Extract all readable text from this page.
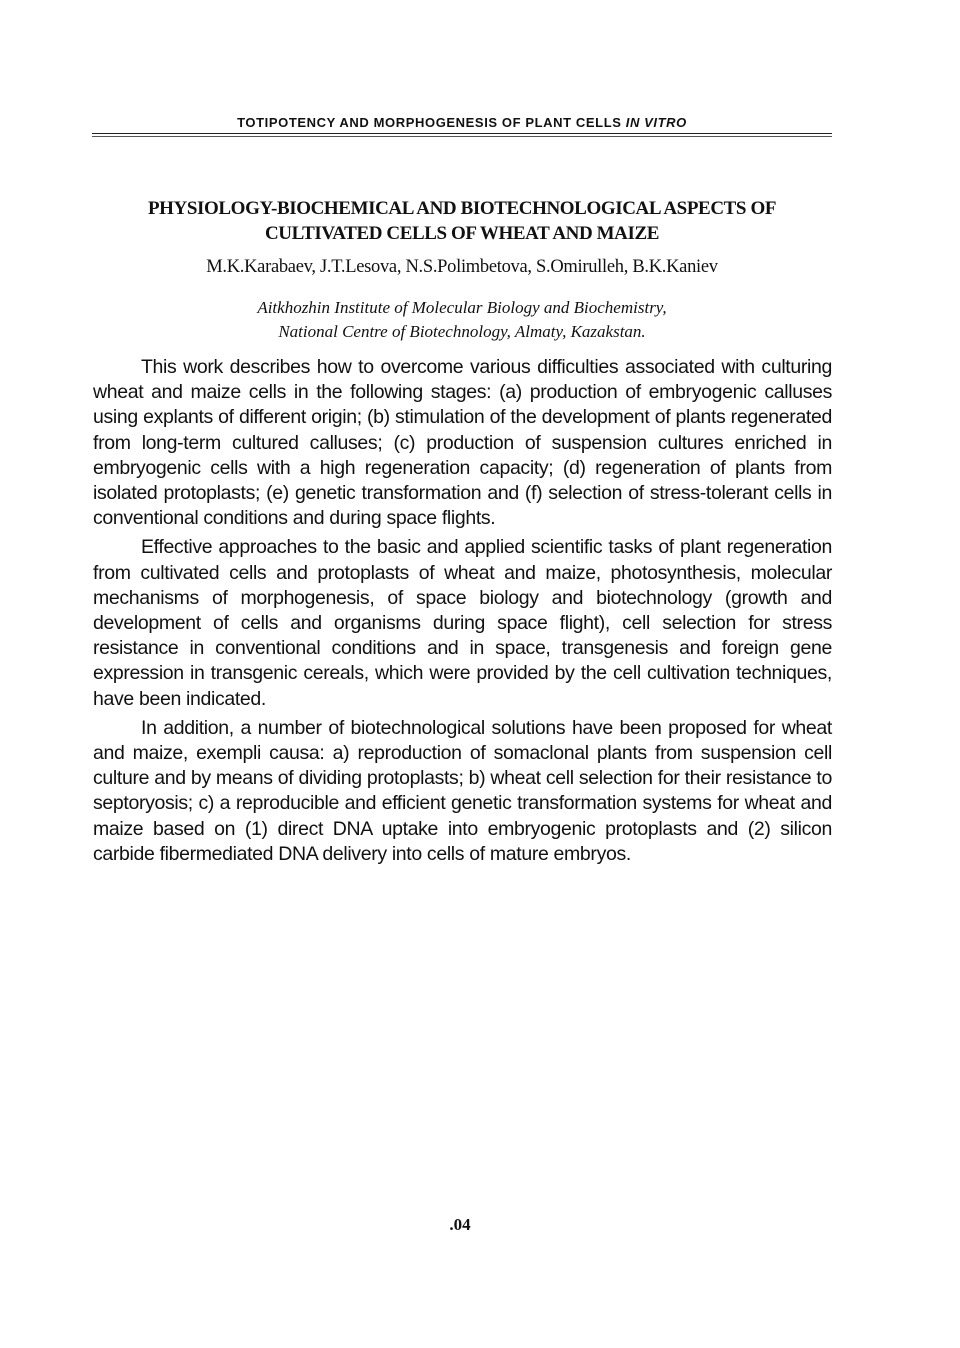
TOTIPOTENCY AND MORPHOGENESIS OF PLANT CELLS IN VITRO
PHYSIOLOGY-BIOCHEMICAL AND BIOTECHNOLOGICAL ASPECTS OF
CULTIVATED CELLS OF WHEAT AND MAIZE
M.K.Karabaev, J.T.Lesova, N.S.Polimbetova, S.Omirulleh, B.K.Kaniev
Aitkhozhin Institute of Molecular Biology and Biochemistry,
National Centre of Biotechnology, Almaty, Kazakstan.

This work describes how to overcome various difficulties associated with culturing wheat and maize cells in the following stages: (a) production of embryogenic calluses using explants of different origin; (b) stimulation of the development of plants regenerated from long-term cultured calluses; (c) production of suspension cultures enriched in embryogenic cells with a high regeneration capacity; (d) regeneration of plants from isolated protoplasts; (e) genetic transformation and (f) selection of stress-tolerant cells in conventional conditions and during space flights.

Effective approaches to the basic and applied scientific tasks of plant regeneration from cultivated cells and protoplasts of wheat and maize, photosynthesis, molecular mechanisms of morphogenesis, of space biology and biotechnology (growth and development of cells and organisms during space flight), cell selection for stress resistance in conventional conditions and in space, transgenesis and foreign gene expression in transgenic cereals, which were provided by the cell cultivation techniques, have been indicated.

In addition, a number of biotechnological solutions have been proposed for wheat and maize, exempli causa: a) reproduction of somaclonal plants from suspension cell culture and by means of dividing protoplasts; b) wheat cell selection for their resistance to septoryosis; c) a reproducible and efficient genetic transformation systems for wheat and maize based on (1) direct DNA uptake into embryogenic protoplasts and (2) silicon carbide fibermediated DNA delivery into cells of mature embryos.

.04
